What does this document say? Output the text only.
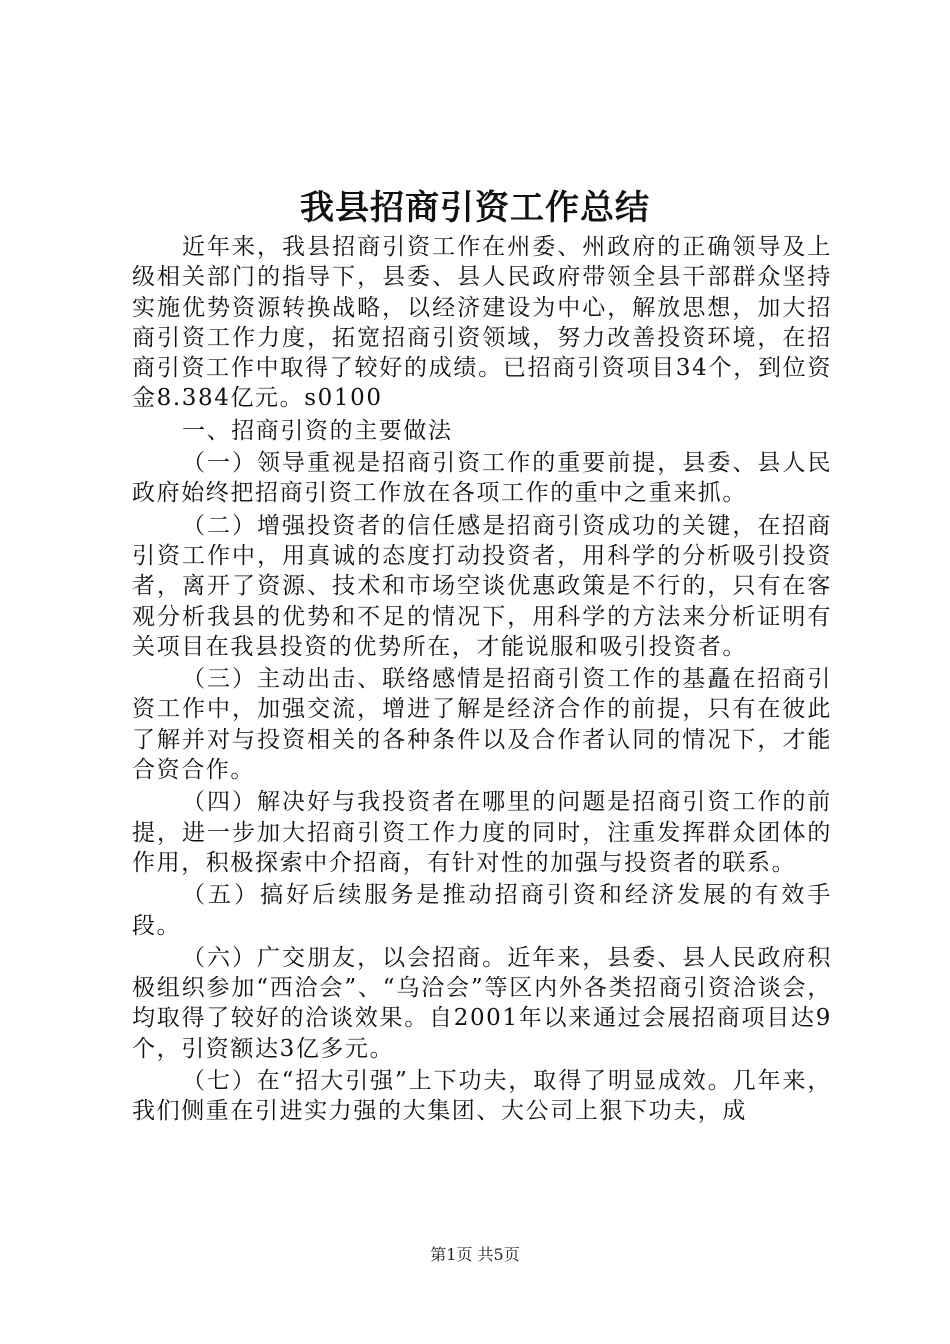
我县招商引资工作总结

近年来，我县招商引资工作在州委、州政府的正确领导及上级相关部门的指导下，县委、县人民政府带领全县干部群众坚持实施优势资源转换战略，以经济建设为中心，解放思想，加大招商引资工作力度，拓宽招商引资领域，努力改善投资环境，在招商引资工作中取得了较好的成绩。已招商引资项目34个，到位资金8.384亿元。s0100

一、招商引资的主要做法

（一）领导重视是招商引资工作的重要前提，县委、县人民政府始终把招商引资工作放在各项工作的重中之重来抓。

（二）增强投资者的信任感是招商引资成功的关键，在招商引资工作中，用真诚的态度打动投资者，用科学的分析吸引投资者，离开了资源、技术和市场空谈优惠政策是不行的，只有在客观分析我县的优势和不足的情况下，用科学的方法来分析证明有关项目在我县投资的优势所在，才能说服和吸引投资者。

（三）主动出击、联络感情是招商引资工作的基矗在招商引资工作中，加强交流，增进了解是经济合作的前提，只有在彼此了解并对与投资相关的各种条件以及合作者认同的情况下，才能合资合作。

（四）解决好与我投资者在哪里的问题是招商引资工作的前提，进一步加大招商引资工作力度的同时，注重发挥群众团体的作用，积极探索中介招商，有针对性的加强与投资者的联系。

（五）搞好后续服务是推动招商引资和经济发展的有效手段。

（六）广交朋友，以会招商。近年来，县委、县人民政府积极组织参加“西洽会”、“乌洽会”等区内外各类招商引资洽谈会，均取得了较好的洽谈效果。自2001年以来通过会展招商项目达9个，引资额达3亿多元。

（七）在“招大引强”上下功夫，取得了明显成效。几年来，我们侧重在引进实力强的大集团、大公司上狠下功夫，成

第1页 共5页
